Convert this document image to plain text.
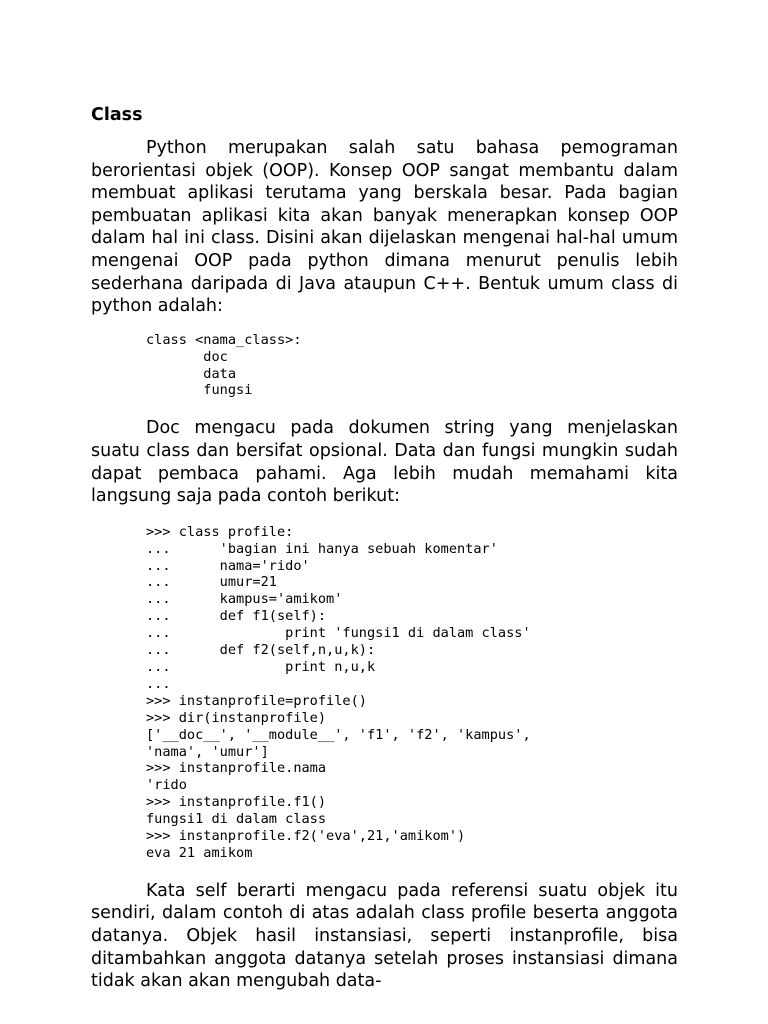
Class

Python merupakan salah satu bahasa pemograman berorientasi objek (OOP). Konsep OOP sangat membantu dalam membuat aplikasi terutama yang berskala besar. Pada bagian pembuatan aplikasi kita akan banyak menerapkan konsep OOP dalam hal ini class. Disini akan dijelaskan mengenai hal-hal umum mengenai OOP pada python dimana menurut penulis lebih sederhana daripada di Java ataupun C++. Bentuk umum class di python adalah:

class <nama_class>:
doc
data
fungsi

Doc mengacu pada dokumen string yang menjelaskan suatu class dan bersifat opsional. Data dan fungsi mungkin sudah dapat pembaca pahami. Aga lebih mudah memahami kita langsung saja pada contoh berikut:

>>> class profile:
...      'bagian ini hanya sebuah komentar'
...      nama='rido'
...      umur=21
...      kampus='amikom'
...      def f1(self):
...              print 'fungsi1 di dalam class'
...      def f2(self,n,u,k):
...              print n,u,k
...
>>> instanprofile=profile()
>>> dir(instanprofile)
['__doc__', '__module__', 'f1', 'f2', 'kampus',
'nama', 'umur']
>>> instanprofile.nama
'rido
>>> instanprofile.f1()
fungsi1 di dalam class
>>> instanprofile.f2('eva',21,'amikom')
eva 21 amikom

Kata self berarti mengacu pada referensi suatu objek itu sendiri, dalam contoh di atas adalah class profile beserta anggota datanya. Objek hasil instansiasi, seperti instanprofile, bisa ditambahkan anggota datanya setelah proses instansiasi dimana tidak akan akan mengubah data-
